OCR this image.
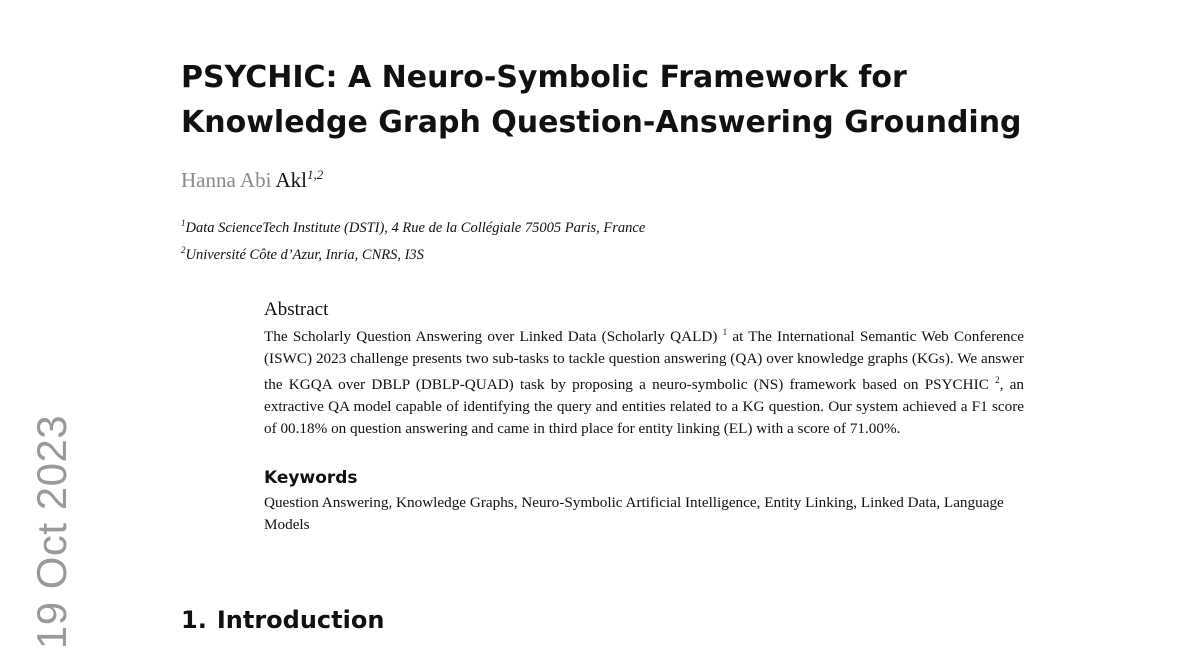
PSYCHIC: A Neuro-Symbolic Framework for
Knowledge Graph Question-Answering Grounding
Hanna Abi Akl$^{1,2}$
$^1$Data ScienceTech Institute (DSTI), 4 Rue de la Collégiale 75005 Paris, France
$^2$Université Côte d’Azur, Inria, CNRS, I3S
Abstract
The Scholarly Question Answering over Linked Data (Scholarly QALD) $^1$ at The International Semantic Web Conference (ISWC) 2023 challenge presents two sub-tasks to tackle question answering (QA) over knowledge graphs (KGs). We answer the KGQA over DBLP (DBLP-QUAD) task by proposing a neuro-symbolic (NS) framework based on PSYCHIC $^2$, an extractive QA model capable of identifying the query and entities related to a KG question. Our system achieved a F1 score of 00.18% on question answering and came in third place for entity linking (EL) with a score of 71.00%.
Keywords
Question Answering, Knowledge Graphs, Neuro-Symbolic Artificial Intelligence, Entity Linking, Linked Data, Language Models
1. Introduction
19 Oct 2023
